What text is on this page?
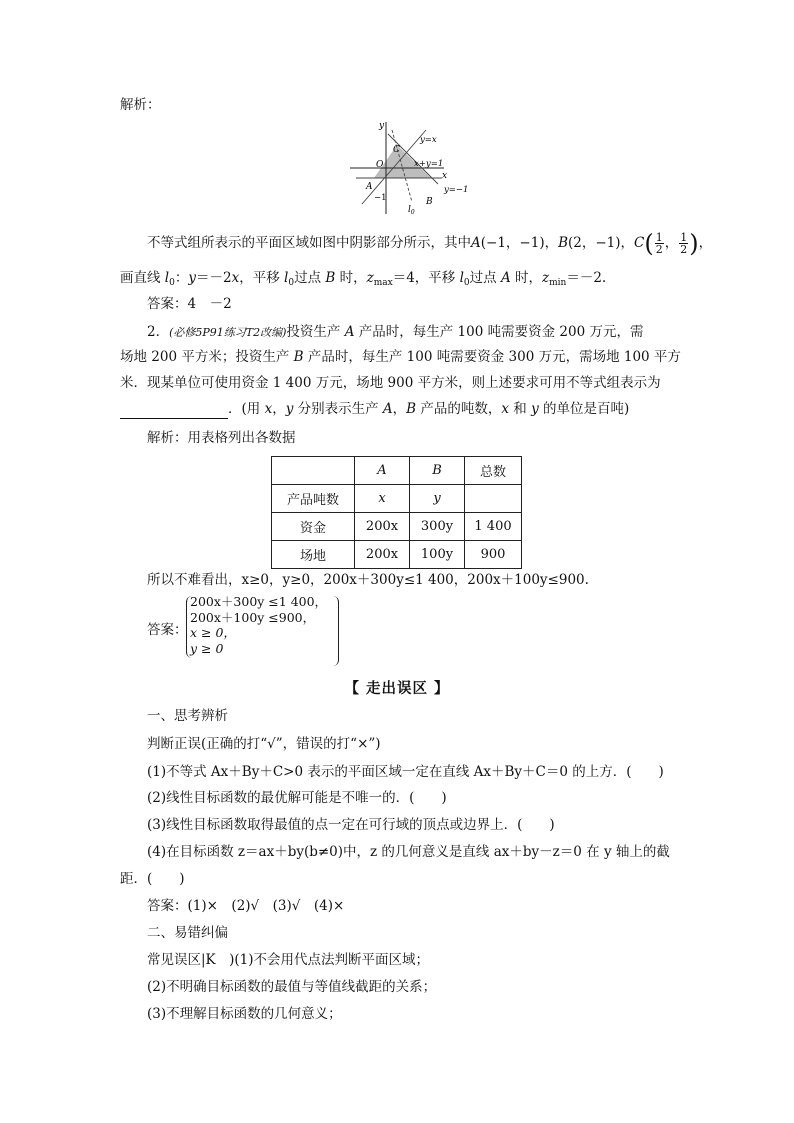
解析：
y
x
O
y=x
x+y=1
y=−1
C
A
B
−1
$l_0$
不等式组所表示的平面区域如图中阴影部分所示，其中A(−1，−1)，B(2，−1)，$C( \frac{1}{2}$ ， $\frac{1}{2}$ )，
画直线 $l_0$：y＝－2x，平移 $l_0$过点 B 时，$z_{max}=4$，平移 $l_0$过点 A 时，$z_{min}=-2$.
答案：4　－2
2．(必修5P91练习T2改编)投资生产 A 产品时，每生产 100 吨需要资金 200 万元，需
场地 200 平方米；投资生产 B 产品时，每生产 100 吨需要资金 300 万元，需场地 100 平方
米．现某单位可使用资金 1 400 万元，场地 900 平方米，则上述要求可用不等式组表示为
．(用 x，y 分别表示生产 A，B 产品的吨数，x 和 y 的单位是百吨)
解析：用表格列出各数据
	A	B	总数
产品吨数	x	y	
资金	200x	300y	1 400
场地	200x	100y	900
所以不难看出，x≥0，y≥0，200x＋300y≤1 400，200x＋100y≤900.
答案：
200x＋300y ≤1 400，
200x＋100y ≤900，
x ≥ 0，
y ≥ 0
【 走出误区 】
一、思考辨析
判断正误(正确的打“√”，错误的打“×”)
(1)不等式 Ax＋By＋C>0 表示的平面区域一定在直线 Ax＋By＋C＝0 的上方．(　　)
(2)线性目标函数的最优解可能是不唯一的．(　　)
(3)线性目标函数取得最值的点一定在可行域的顶点或边界上．(　　)
(4)在目标函数 z＝ax＋by(b≠0)中，z 的几何意义是直线 ax＋by－z＝0 在 y 轴上的截
距．(　　)
答案：(1)×　(2)√　(3)√　(4)×
二、易错纠偏
常见误区|K　)(1)不会用代点法判断平面区域；
(2)不明确目标函数的最值与等值线截距的关系；
(3)不理解目标函数的几何意义；
